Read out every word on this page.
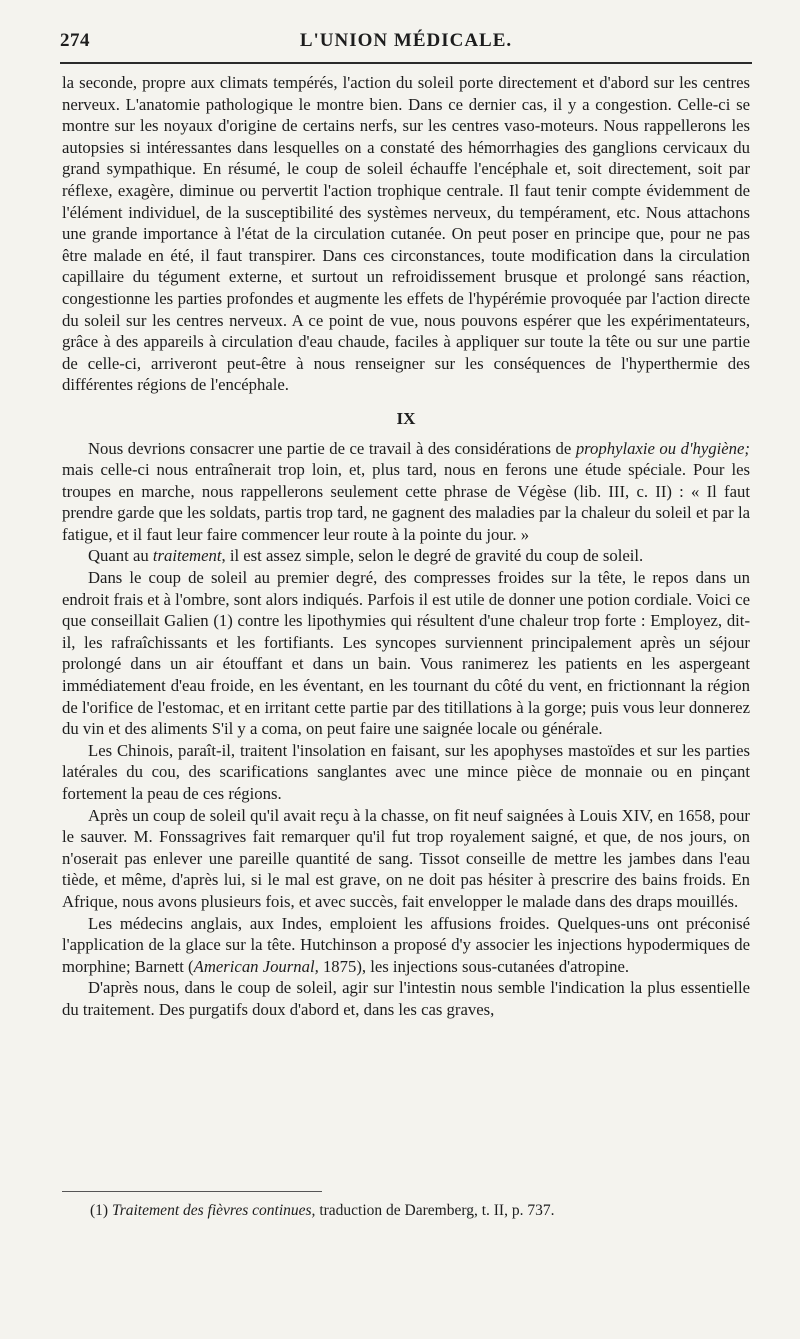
L'UNION MÉDICALE.
274

la seconde, propre aux climats tempérés, l'action du soleil porte directement et d'abord sur les centres nerveux. L'anatomie pathologique le montre bien. Dans ce dernier cas, il y a congestion. Celle-ci se montre sur les noyaux d'origine de certains nerfs, sur les centres vaso-moteurs. Nous rappellerons les autopsies si intéressantes dans lesquelles on a constaté des hémorrhagies des ganglions cervicaux du grand sympathique. En résumé, le coup de soleil échauffe l'encéphale et, soit directement, soit par réflexe, exagère, diminue ou pervertit l'action trophique centrale. Il faut tenir compte évidemment de l'élément individuel, de la susceptibilité des systèmes nerveux, du tempérament, etc. Nous attachons une grande importance à l'état de la circulation cutanée. On peut poser en principe que, pour ne pas être malade en été, il faut transpirer. Dans ces circonstances, toute modification dans la circulation capillaire du tégument externe, et surtout un refroidissement brusque et prolongé sans réaction, congestionne les parties profondes et augmente les effets de l'hypérémie provoquée par l'action directe du soleil sur les centres nerveux. A ce point de vue, nous pouvons espérer que les expérimentateurs, grâce à des appareils à circulation d'eau chaude, faciles à appliquer sur toute la tête ou sur une partie de celle-ci, arriveront peut-être à nous renseigner sur les conséquences de l'hyperthermie des différentes régions de l'encéphale.

IX

Nous devrions consacrer une partie de ce travail à des considérations de prophylaxie ou d'hygiène; mais celle-ci nous entraînerait trop loin, et, plus tard, nous en ferons une étude spéciale. Pour les troupes en marche, nous rappellerons seulement cette phrase de Végèse (lib. III, c. II) : « Il faut prendre garde que les soldats, partis trop tard, ne gagnent des maladies par la chaleur du soleil et par la fatigue, et il faut leur faire commencer leur route à la pointe du jour. »

Quant au traitement, il est assez simple, selon le degré de gravité du coup de soleil.

Dans le coup de soleil au premier degré, des compresses froides sur la tête, le repos dans un endroit frais et à l'ombre, sont alors indiqués. Parfois il est utile de donner une potion cordiale. Voici ce que conseillait Galien (1) contre les lipothymies qui résultent d'une chaleur trop forte : Employez, dit-il, les rafraîchissants et les fortifiants. Les syncopes surviennent principalement après un séjour prolongé dans un air étouffant et dans un bain. Vous ranimerez les patients en les aspergeant immédiatement d'eau froide, en les éventant, en les tournant du côté du vent, en frictionnant la région de l'orifice de l'estomac, et en irritant cette partie par des titillations à la gorge; puis vous leur donnerez du vin et des aliments S'il y a coma, on peut faire une saignée locale ou générale.

Les Chinois, paraît-il, traitent l'insolation en faisant, sur les apophyses mastoïdes et sur les parties latérales du cou, des scarifications sanglantes avec une mince pièce de monnaie ou en pinçant fortement la peau de ces régions.

Après un coup de soleil qu'il avait reçu à la chasse, on fit neuf saignées à Louis XIV, en 1658, pour le sauver. M. Fonssagrives fait remarquer qu'il fut trop royalement saigné, et que, de nos jours, on n'oserait pas enlever une pareille quantité de sang. Tissot conseille de mettre les jambes dans l'eau tiède, et même, d'après lui, si le mal est grave, on ne doit pas hésiter à prescrire des bains froids. En Afrique, nous avons plusieurs fois, et avec succès, fait envelopper le malade dans des draps mouillés.

Les médecins anglais, aux Indes, emploient les affusions froides. Quelques-uns ont préconisé l'application de la glace sur la tête. Hutchinson a proposé d'y associer les injections hypodermiques de morphine; Barnett (American Journal, 1875), les injections sous-cutanées d'atropine.

D'après nous, dans le coup de soleil, agir sur l'intestin nous semble l'indication la plus essentielle du traitement. Des purgatifs doux d'abord et, dans les cas graves,

(1) Traitement des fièvres continues, traduction de Daremberg, t. II, p. 737.
